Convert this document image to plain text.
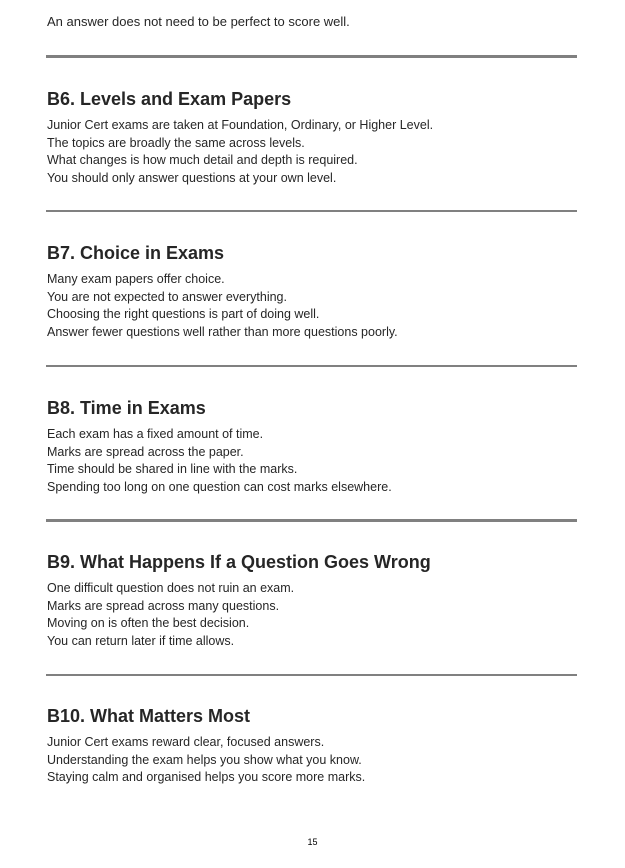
An answer does not need to be perfect to score well.
B6. Levels and Exam Papers

Junior Cert exams are taken at Foundation, Ordinary, or Higher Level.

The topics are broadly the same across levels.

What changes is how much detail and depth is required.

You should only answer questions at your own level.

B7. Choice in Exams

Many exam papers offer choice.

You are not expected to answer everything.

Choosing the right questions is part of doing well.

Answer fewer questions well rather than more questions poorly.

B8. Time in Exams

Each exam has a fixed amount of time.

Marks are spread across the paper.

Time should be shared in line with the marks.

Spending too long on one question can cost marks elsewhere.

B9. What Happens If a Question Goes Wrong

One difficult question does not ruin an exam.

Marks are spread across many questions.

Moving on is often the best decision.

You can return later if time allows.

B10. What Matters Most

Junior Cert exams reward clear, focused answers.

Understanding the exam helps you show what you know.

Staying calm and organised helps you score more marks.

15
